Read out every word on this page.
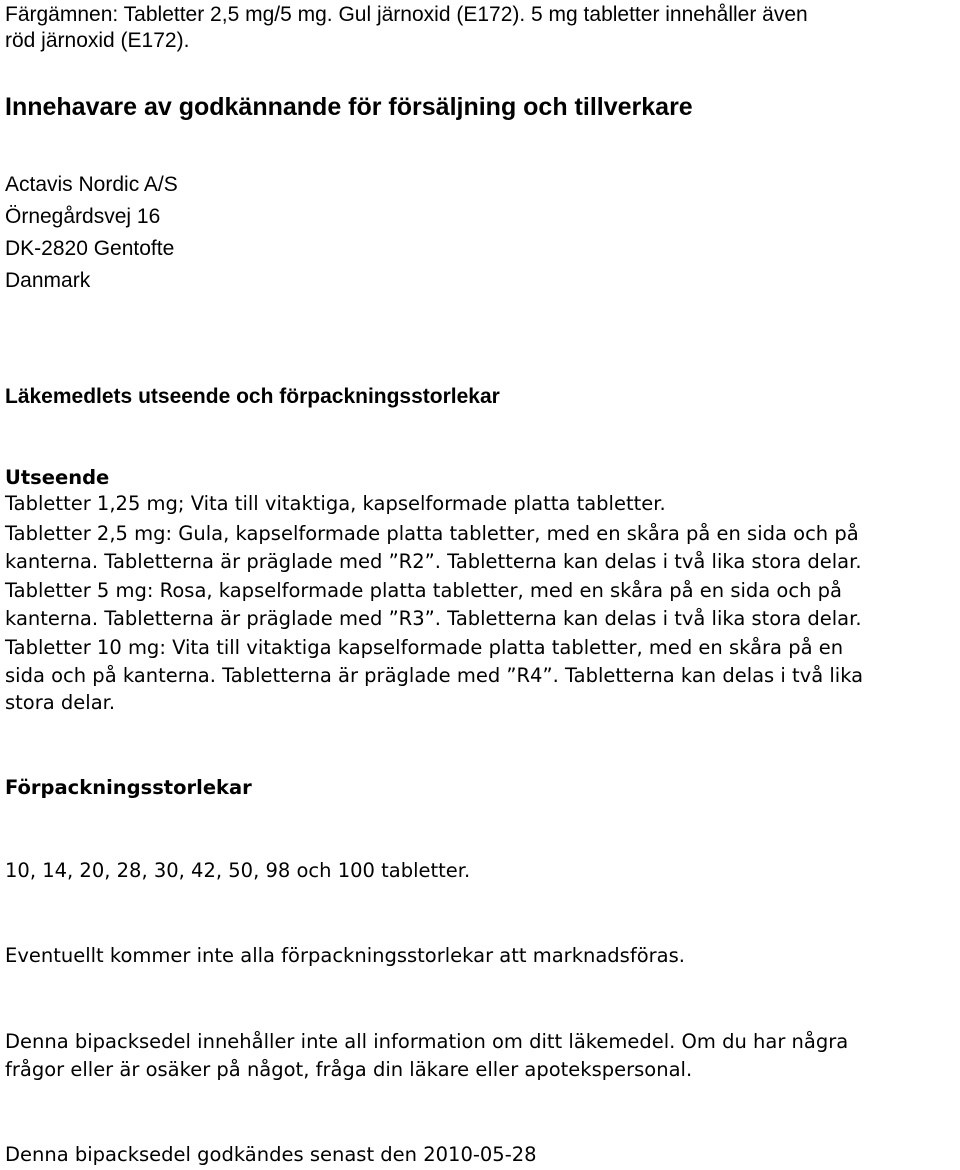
Färgämnen: Tabletter 2,5 mg/5 mg. Gul järnoxid (E172). 5 mg tabletter innehåller även

röd järnoxid (E172).

Innehavare av godkännande för försäljning och tillverkare

Actavis Nordic A/S

Örnegårdsvej 16

DK-2820 Gentofte

Danmark

Läkemedlets utseende och förpackningsstorlekar
Utseende

Tabletter 1,25 mg; Vita till vitaktiga, kapselformade platta tabletter.

Tabletter 2,5 mg: Gula, kapselformade platta tabletter, med en skåra på en sida och på

kanterna. Tabletterna är präglade med ”R2”. Tabletterna kan delas i två lika stora delar.

Tabletter 5 mg: Rosa, kapselformade platta tabletter, med en skåra på en sida och på

kanterna. Tabletterna är präglade med ”R3”. Tabletterna kan delas i två lika stora delar.

Tabletter 10 mg: Vita till vitaktiga kapselformade platta tabletter, med en skåra på en

sida och på kanterna. Tabletterna är präglade med ”R4”. Tabletterna kan delas i två lika

stora delar.

Förpackningsstorlekar

10, 14, 20, 28, 30, 42, 50, 98 och 100 tabletter.

Eventuellt kommer inte alla förpackningsstorlekar att marknadsföras.

Denna bipacksedel innehåller inte all information om ditt läkemedel. Om du har några

frågor eller är osäker på något, fråga din läkare eller apotekspersonal.

Denna bipacksedel godkändes senast den 2010-05-28
